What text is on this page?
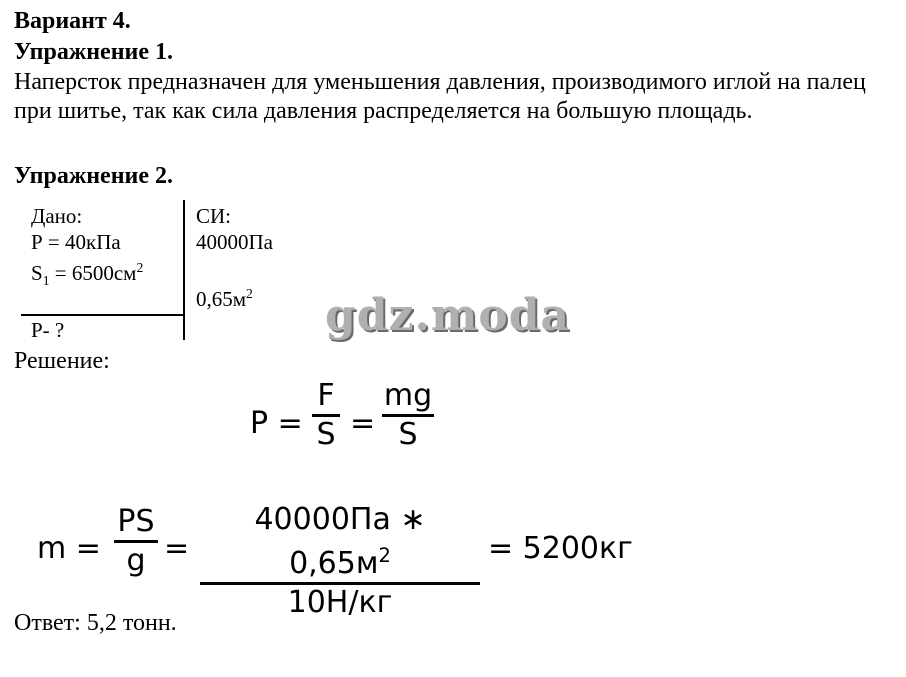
Вариант 4.
Упражнение 1.
Наперсток предназначен для уменьшения давления, производимого иглой на палец при шитье, так как сила давления распределяется на большую площадь.
Упражнение 2.
Дано:
Р = 40кПа
$S_1 = 6500см^2$
Р- ?
СИ:
40000Па
$0,65м^2$ gdz.moda
Решение:
P =
F
S =
mg
S
m =
PS
g =
40000Па ∗ $0,65м^2$
10Н/кг
= 5200кг
Ответ: 5,2 тонн.
